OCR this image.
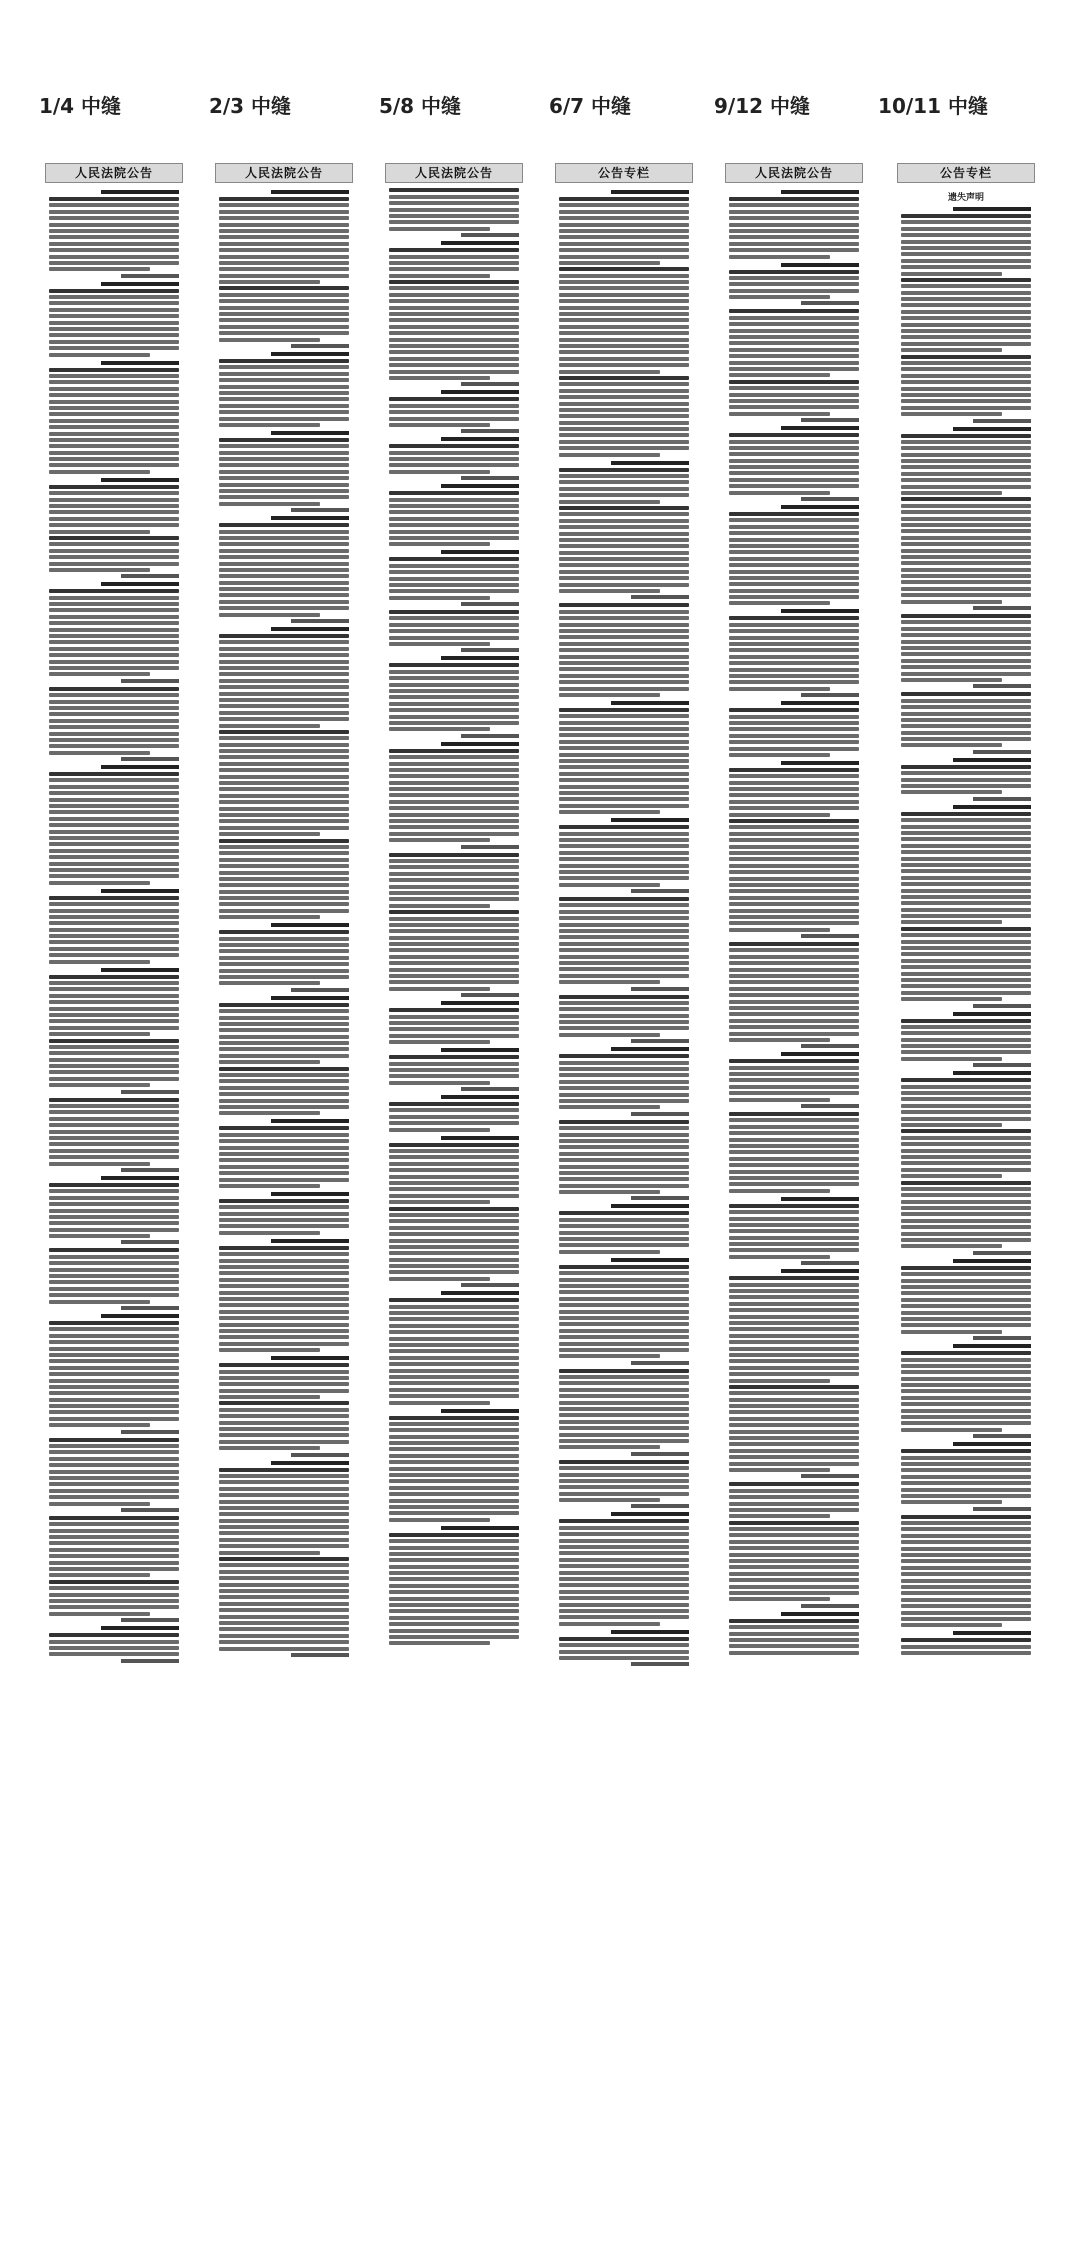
1/4 中缝	2/3 中缝	5/8 中缝	6/7 中缝	9/12 中缝	10/11 中缝
人民法院公告	人民法院公告	人民法院公告	公告专栏	人民法院公告	公告专栏
遗失声明
